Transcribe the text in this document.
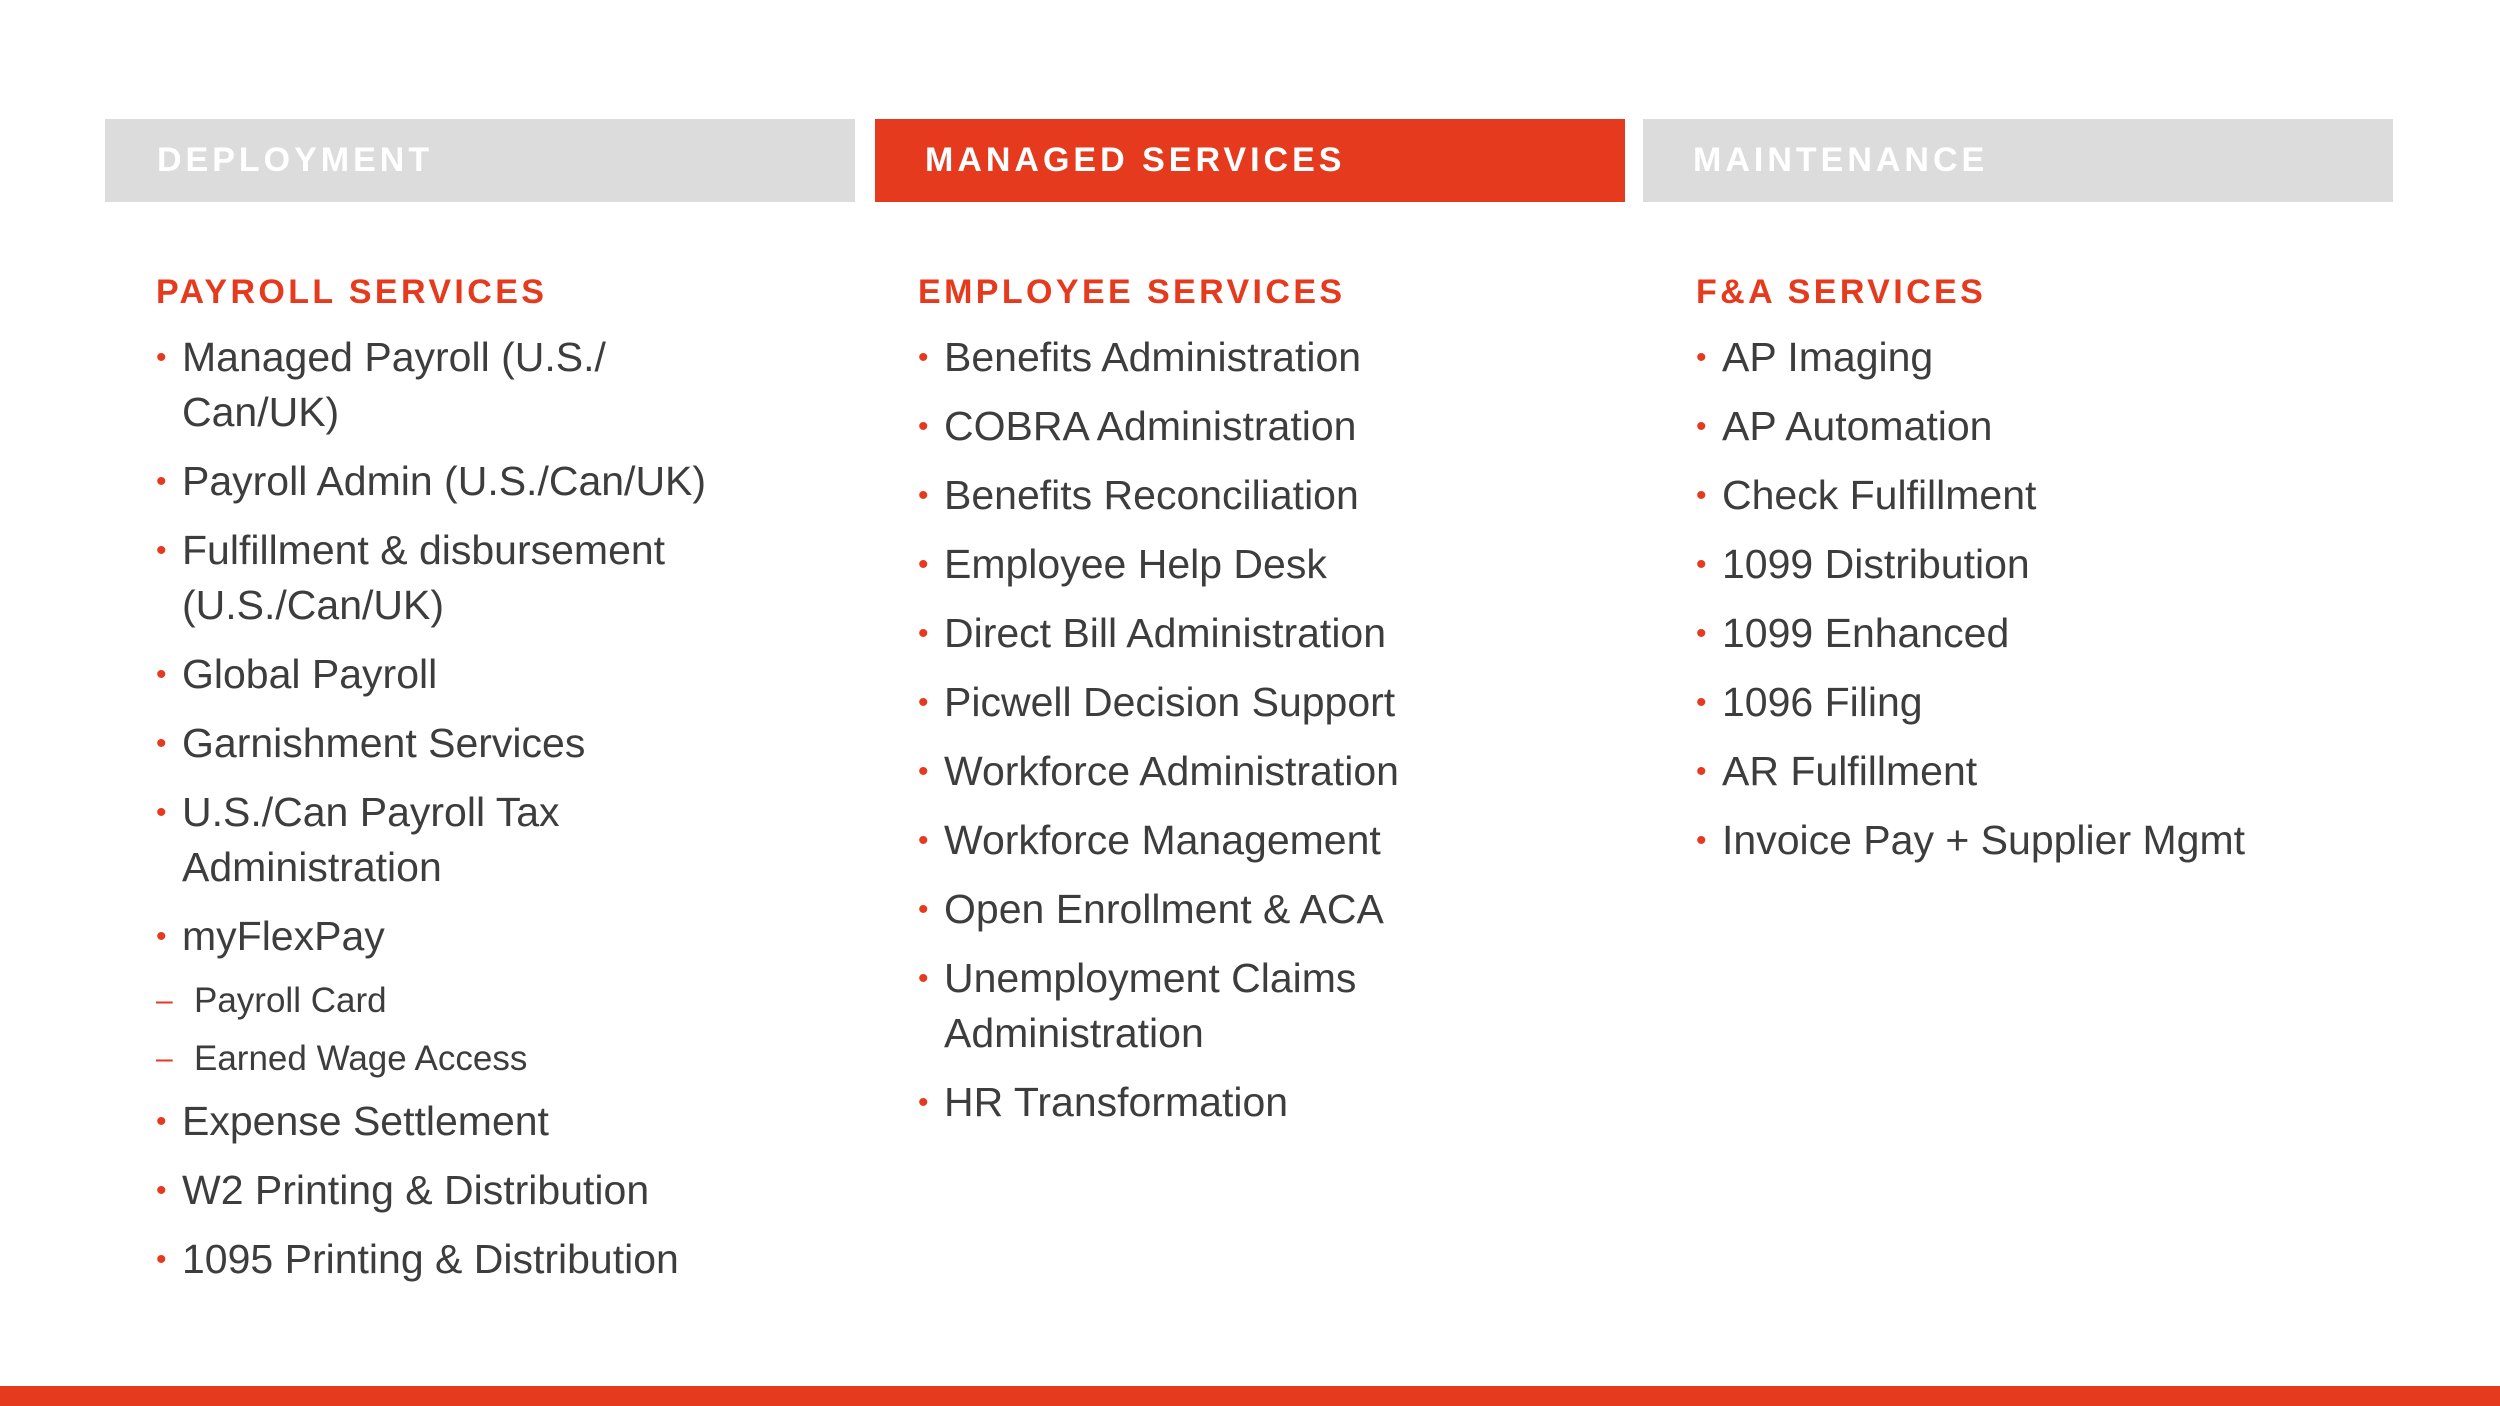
DEPLOYMENT	MANAGED SERVICES	MAINTENANCE
PAYROLL SERVICES
• Managed Payroll (U.S./ Can/UK)
• Payroll Admin (U.S./Can/UK)
• Fulfillment & disbursement (U.S./Can/UK)
• Global Payroll
• Garnishment Services
• U.S./Can Payroll Tax Administration
• myFlexPay
– Payroll Card
– Earned Wage Access
• Expense Settlement
• W2 Printing & Distribution
• 1095 Printing & Distribution
EMPLOYEE SERVICES
• Benefits Administration
• COBRA Administration
• Benefits Reconciliation
• Employee Help Desk
• Direct Bill Administration
• Picwell Decision Support
• Workforce Administration
• Workforce Management
• Open Enrollment & ACA
• Unemployment Claims Administration
• HR Transformation
F&A SERVICES
• AP Imaging
• AP Automation
• Check Fulfillment
• 1099 Distribution
• 1099 Enhanced
• 1096 Filing
• AR Fulfillment
• Invoice Pay + Supplier Mgmt
